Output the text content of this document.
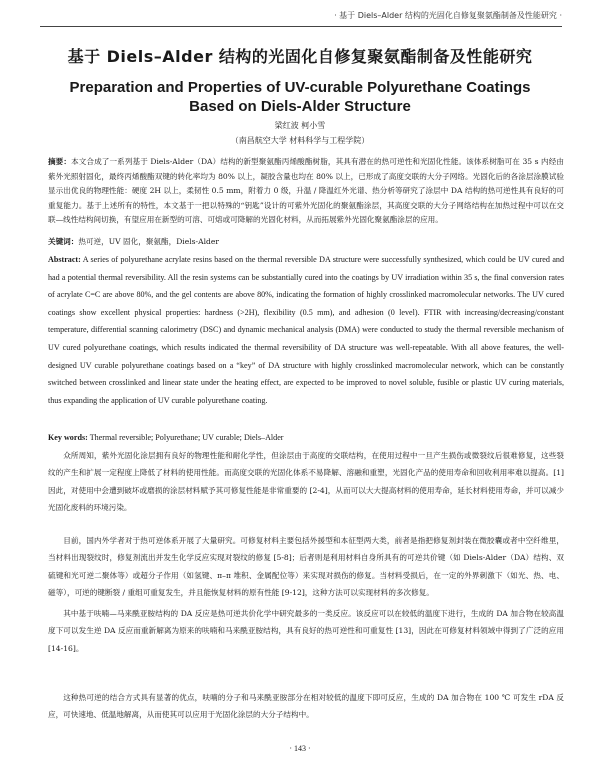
· 基于 Diels–Alder 结构的光固化自修复聚氨酯制备及性能研究 ·
基于 Diels–Alder 结构的光固化自修复聚氨酯制备及性能研究
Preparation and Properties of UV-curable Polyurethane Coatings Based on Diels-Alder Structure
梁红波 柯小雪
（南昌航空大学 材料科学与工程学院）
摘要：本文合成了一系列基于 Diels-Alder（DA）结构的新型聚氨酯丙烯酸酯树脂，其具有潜在的热可逆性和光固化性能。该体系树脂可在 35 s 内经由紫外光照射固化，最终丙烯酸酯双键的转化率均为 80% 以上，凝胶含量也均在 80% 以上，已形成了高度交联的大分子网络。光固化后的各涂层涂膜试验显示出优良的物理性能：硬度 2H 以上，柔韧性 0.5 mm，附着力 0 级，升温 / 降温红外光谱、热分析等研究了涂层中 DA 结构的热可逆性具有良好的可重复能力。基于上述所有的特性，本文基于一把以特殊的“钥匙”设计的可紫外光固化的聚氨酯涂层，其高度交联的大分子网络结构在加热过程中可以在交联—线性结构间切换，有望应用在新型的可溶、可熔或可降解的光固化材料，从而拓展紫外光固化聚氨酯涂层的应用。
关键词：热可逆，UV 固化，聚氨酯，Diels-Alder
Abstract: A series of polyurethane acrylate resins based on the thermal reversible DA structure were successfully synthesized, which could be UV cured and had a potential thermal reversibility. All the resin systems can be substantially cured into the coatings by UV irradiation within 35 s, the final conversion rates of acrylate C=C are above 80%, and the gel contents are above 80%, indicating the formation of highly crosslinked macromolecular networks. The UV cured coatings show excellent physical properties: hardness (>2H), flexibility (0.5 mm), and adhesion (0 level). FTIR with increasing/decreasing/constant temperature, differential scanning calorimetry (DSC) and dynamic mechanical analysis (DMA) were conducted to study the thermal reversible mechanism of UV cured polyurethane coatings, which results indicated the thermal reversibility of DA structure was well-repeatable. With all above features, the well-designed UV curable polyurethane coatings based on a “key” of DA structure with highly crosslinked macromolecular network, which can be constantly switched between crosslinked and linear state under the heating effect, are expected to be improved to novel soluble, fusible or plastic UV curing materials, thus expanding the application of UV curable polyurethane coating.
Key words: Thermal reversible; Polyurethane; UV curable; Diels–Alder

众所周知，紫外光固化涂层拥有良好的物理性能和耐化学性，但涂层由于高度的交联结构，在使用过程中一旦产生损伤或微裂纹后很难修复，这些裂纹的产生和扩展一定程度上降低了材料的使用性能。而高度交联的光固化体系不易降解、溶融和重塑，光固化产品的使用寿命和回收利用率难以提高。[1] 因此，对使用中会遭到破坏或磨损的涂层材料赋予其可修复性能是非常重要的 [2-4]，从而可以大大提高材料的使用寿命，延长材料使用寿命，并可以减少光固化废料的环境污染。

目前，国内外学者对于热可逆体系开展了大量研究。可修复材料主要包括外援型和本征型两大类，前者是指把修复剂封装在微胶囊或者中空纤维里，当材料出现裂纹时，修复剂流出并发生化学反应实现对裂纹的修复 [5-8]；后者则是利用材料自身所具有的可逆共价键（如 Diels-Alder（DA）结构、双硫键和光可逆二聚体等）或超分子作用（如氢键、π–π 堆积、金属配位等）来实现对损伤的修复。当材料受损后，在一定的外界刺激下（如光、热、电、磁等），可逆的键断裂 / 重组可重复发生，并且能恢复材料的原有性能 [9-12]，这种方法可以实现材料的多次修复。

其中基于呋喃—马来酰亚胺结构的 DA 反应是热可逆共价化学中研究最多的一类反应。该反应可以在较低的温度下进行，生成的 DA 加合物在较高温度下可以发生逆 DA 反应而重新解离为原来的呋喃和马来酰亚胺结构，具有良好的热可逆性和可重复性 [13]，因此在可修复材料领域中得到了广泛的应用 [14-16]。

这种热可逆的结合方式具有显著的优点，呋喃的分子和马来酰亚胺部分在相对较低的温度下即可反应，生成的 DA 加合物在 100 ℃ 可发生 rDA 反应，可快速地、低温地解离，从而使其可以应用于光固化涂层的大分子结构中。

· 143 ·
